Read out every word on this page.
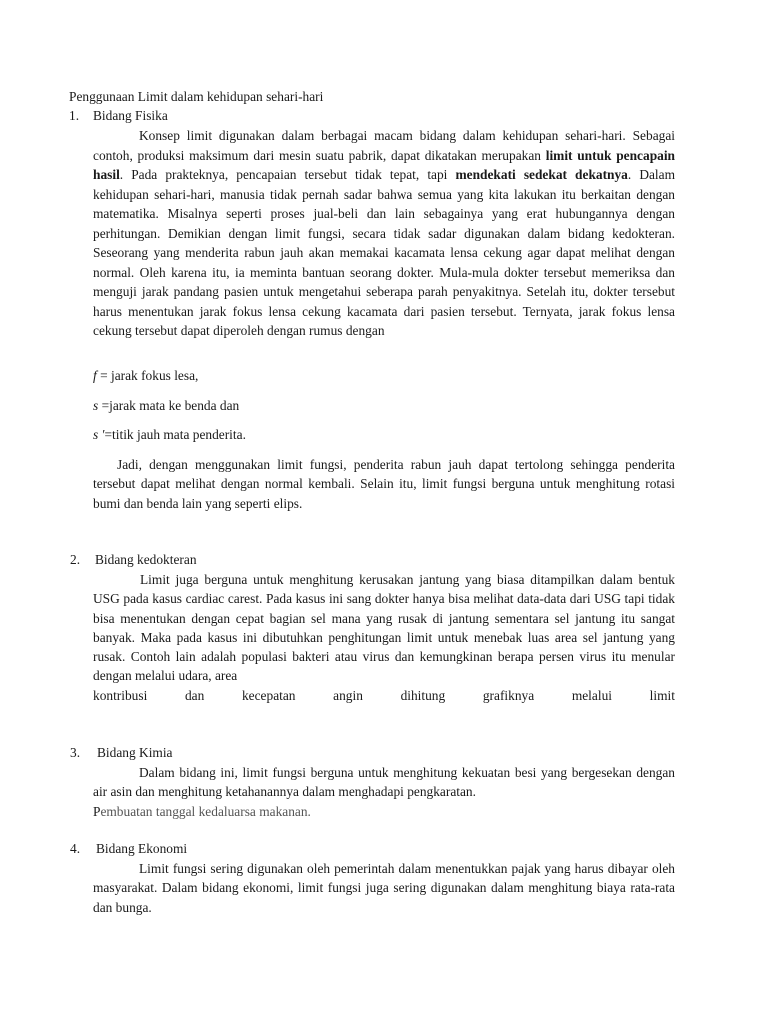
Penggunaan Limit dalam kehidupan sehari-hari
1. Bidang Fisika

Konsep limit digunakan dalam berbagai macam bidang dalam kehidupan sehari-hari. Sebagai contoh, produksi maksimum dari mesin suatu pabrik, dapat dikatakan merupakan limit untuk pencapain hasil. Pada prakteknya, pencapaian tersebut tidak tepat, tapi mendekati sedekat dekatnya. Dalam kehidupan sehari-hari, manusia tidak pernah sadar bahwa semua yang kita lakukan itu berkaitan dengan matematika. Misalnya seperti proses jual-beli dan lain sebagainya yang erat hubungannya dengan perhitungan. Demikian dengan limit fungsi, secara tidak sadar digunakan dalam bidang kedokteran. Seseorang yang menderita rabun jauh akan memakai kacamata lensa cekung agar dapat melihat dengan normal. Oleh karena itu, ia meminta bantuan seorang dokter. Mula-mula dokter tersebut memeriksa dan menguji jarak pandang pasien untuk mengetahui seberapa parah penyakitnya. Setelah itu, dokter tersebut harus menentukan jarak fokus lensa cekung kacamata dari pasien tersebut. Ternyata, jarak fokus lensa cekung tersebut dapat diperoleh dengan rumus dengan

f = jarak fokus lesa,
s =jarak mata ke benda dan
s ′=titik jauh mata penderita.

Jadi, dengan menggunakan limit fungsi, penderita rabun jauh dapat tertolong sehingga penderita tersebut dapat melihat dengan normal kembali. Selain itu, limit fungsi berguna untuk menghitung rotasi bumi dan benda lain yang seperti elips.

2. Bidang kedokteran

Limit juga berguna untuk menghitung kerusakan jantung yang biasa ditampilkan dalam bentuk USG pada kasus cardiac carest. Pada kasus ini sang dokter hanya bisa melihat data-data dari USG tapi tidak bisa menentukan dengan cepat bagian sel mana yang rusak di jantung sementara sel jantung itu sangat banyak. Maka pada kasus ini dibutuhkan penghitungan limit untuk menebak luas area sel jantung yang rusak. Contoh lain adalah populasi bakteri atau virus dan kemungkinan berapa persen virus itu menular dengan melalui udara, area

kontribusi	dan	kecepatan	angin	dihitung	grafiknya	melalui	limit
3. Bidang Kimia

Dalam bidang ini, limit fungsi berguna untuk menghitung kekuatan besi yang bergesekan dengan air asin dan menghitung ketahanannya dalam menghadapi pengkaratan.

Pembuatan tanggal kedaluarsa makanan.
4. Bidang Ekonomi

Limit fungsi sering digunakan oleh pemerintah dalam menentukkan pajak yang harus dibayar oleh masyarakat. Dalam bidang ekonomi, limit fungsi juga sering digunakan dalam menghitung biaya rata-rata dan bunga.
